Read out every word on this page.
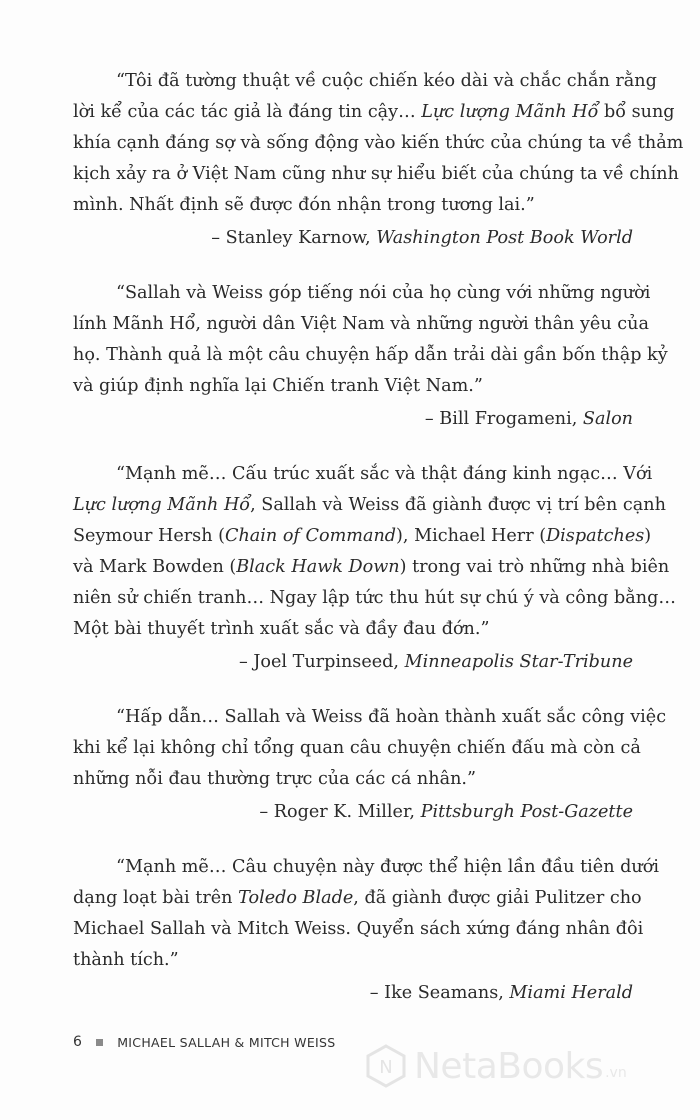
“Tôi đã tường thuật về cuộc chiến kéo dài và chắc chắn rằng
lời kể của các tác giả là đáng tin cậy… Lực lượng Mãnh Hổ bổ sung
khía cạnh đáng sợ và sống động vào kiến thức của chúng ta về thảm
kịch xảy ra ở Việt Nam cũng như sự hiểu biết của chúng ta về chính
mình. Nhất định sẽ được đón nhận trong tương lai.”
– Stanley Karnow, Washington Post Book World
“Sallah và Weiss góp tiếng nói của họ cùng với những người
lính Mãnh Hổ, người dân Việt Nam và những người thân yêu của
họ. Thành quả là một câu chuyện hấp dẫn trải dài gần bốn thập kỷ
và giúp định nghĩa lại Chiến tranh Việt Nam.”
– Bill Frogameni, Salon
“Mạnh mẽ… Cấu trúc xuất sắc và thật đáng kinh ngạc… Với
Lực lượng Mãnh Hổ, Sallah và Weiss đã giành được vị trí bên cạnh
Seymour Hersh (Chain of Command), Michael Herr (Dispatches)
và Mark Bowden (Black Hawk Down) trong vai trò những nhà biên
niên sử chiến tranh… Ngay lập tức thu hút sự chú ý và công bằng…
Một bài thuyết trình xuất sắc và đầy đau đớn.”
– Joel Turpinseed, Minneapolis Star-Tribune
“Hấp dẫn… Sallah và Weiss đã hoàn thành xuất sắc công việc
khi kể lại không chỉ tổng quan câu chuyện chiến đấu mà còn cả
những nỗi đau thường trực của các cá nhân.”
– Roger K. Miller, Pittsburgh Post-Gazette
“Mạnh mẽ… Câu chuyện này được thể hiện lần đầu tiên dưới
dạng loạt bài trên Toledo Blade, đã giành được giải Pulitzer cho
Michael Sallah và Mitch Weiss. Quyển sách xứng đáng nhân đôi
thành tích.”
– Ike Seamans, Miami Herald
6	MICHAEL SALLAH & MITCH WEISS
N NetaBooks .vn
